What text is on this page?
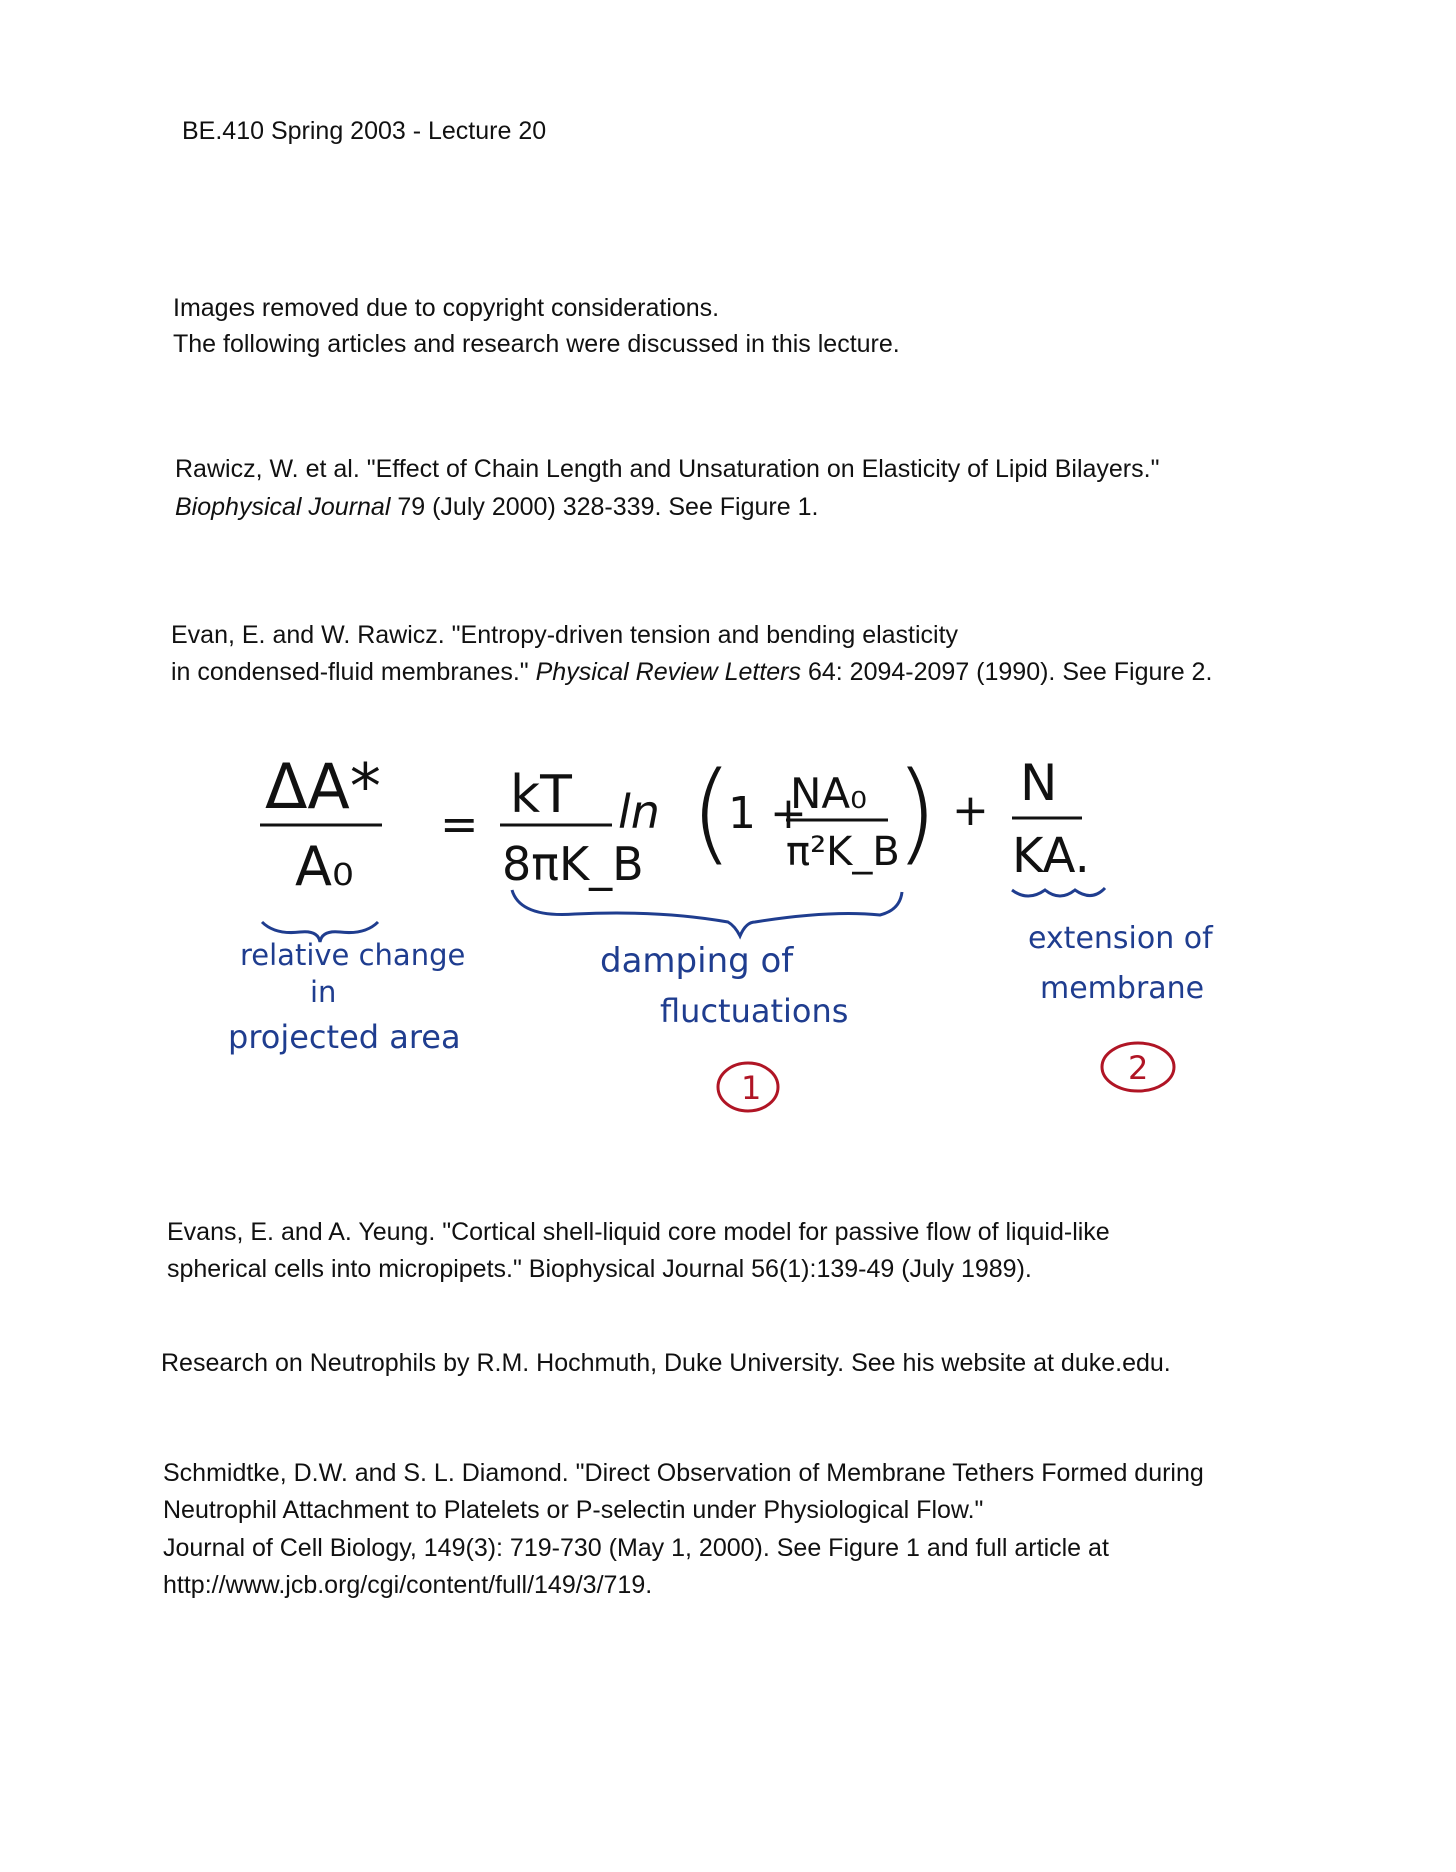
BE.410 Spring 2003 - Lecture 20
Images removed due to copyright considerations.
The following articles and research were discussed in this lecture.
Rawicz, W. et al. "Effect of Chain Length and Unsaturation on Elasticity of Lipid Bilayers."
Biophysical Journal 79 (July 2000) 328-339. See Figure 1.
Evan, E. and W. Rawicz. "Entropy-driven tension and bending elasticity
in condensed-fluid membranes." Physical Review Letters 64: 2094-2097 (1990). See Figure 2.
ΔA*
A₀
= kT
8πK_B
ln (
1 +
NA₀
π²K_B
) + N
KA.
relative change
in
projected area
damping of
fluctuations
extension of
membrane
1
2
Evans, E. and A. Yeung. "Cortical shell-liquid core model for passive flow of liquid-like
spherical cells into micropipets." Biophysical Journal 56(1):139-49 (July 1989).
Research on Neutrophils by R.M. Hochmuth, Duke University. See his website at duke.edu.
Schmidtke, D.W. and S. L. Diamond. "Direct Observation of Membrane Tethers Formed during
Neutrophil Attachment to Platelets or P-selectin under Physiological Flow."
Journal of Cell Biology, 149(3): 719-730 (May 1, 2000). See Figure 1 and full article at
http://www.jcb.org/cgi/content/full/149/3/719.
